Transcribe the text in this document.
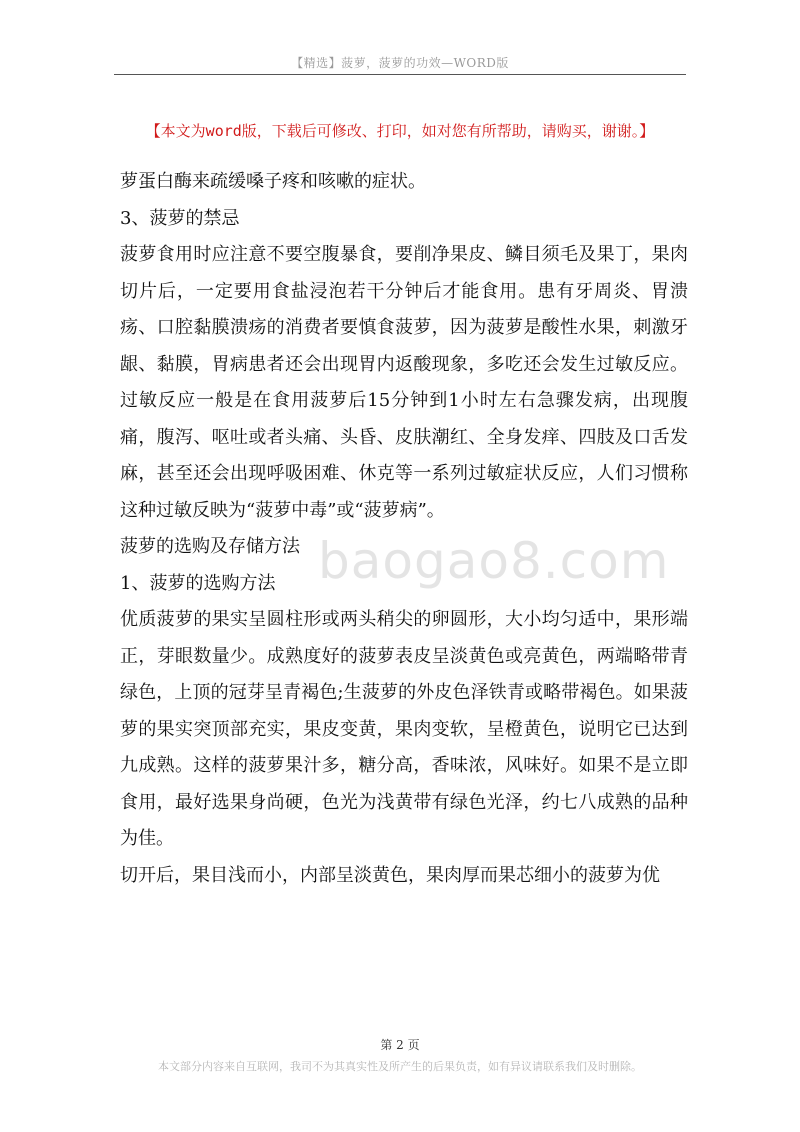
【精选】菠萝，菠萝的功效—WORD版
【本文为word版，下载后可修改、打印，如对您有所帮助，请购买，谢谢。】

萝蛋白酶来疏缓嗓子疼和咳嗽的症状。

3、菠萝的禁忌

菠萝食用时应注意不要空腹暴食，要削净果皮、鳞目须毛及果丁，果肉切片后，一定要用食盐浸泡若干分钟后才能食用。患有牙周炎、胃溃疡、口腔黏膜溃疡的消费者要慎食菠萝，因为菠萝是酸性水果，刺激牙龈、黏膜，胃病患者还会出现胃内返酸现象，多吃还会发生过敏反应。过敏反应一般是在食用菠萝后15分钟到1小时左右急骤发病，出现腹痛，腹泻、呕吐或者头痛、头昏、皮肤潮红、全身发痒、四肢及口舌发麻，甚至还会出现呼吸困难、休克等一系列过敏症状反应，人们习惯称这种过敏反映为“菠萝中毒”或“菠萝病”。

菠萝的选购及存储方法

1、菠萝的选购方法

优质菠萝的果实呈圆柱形或两头稍尖的卵圆形，大小均匀适中，果形端正，芽眼数量少。成熟度好的菠萝表皮呈淡黄色或亮黄色，两端略带青绿色，上顶的冠芽呈青褐色;生菠萝的外皮色泽铁青或略带褐色。如果菠萝的果实突顶部充实，果皮变黄，果肉变软，呈橙黄色，说明它已达到九成熟。这样的菠萝果汁多，糖分高，香味浓，风味好。如果不是立即食用，最好选果身尚硬，色光为浅黄带有绿色光泽，约七八成熟的品种为佳。

切开后，果目浅而小，内部呈淡黄色，果肉厚而果芯细小的菠萝为优

baogao8.com
第 2 页
本文部分内容来自互联网，我司不为其真实性及所产生的后果负责，如有异议请联系我们及时删除。
